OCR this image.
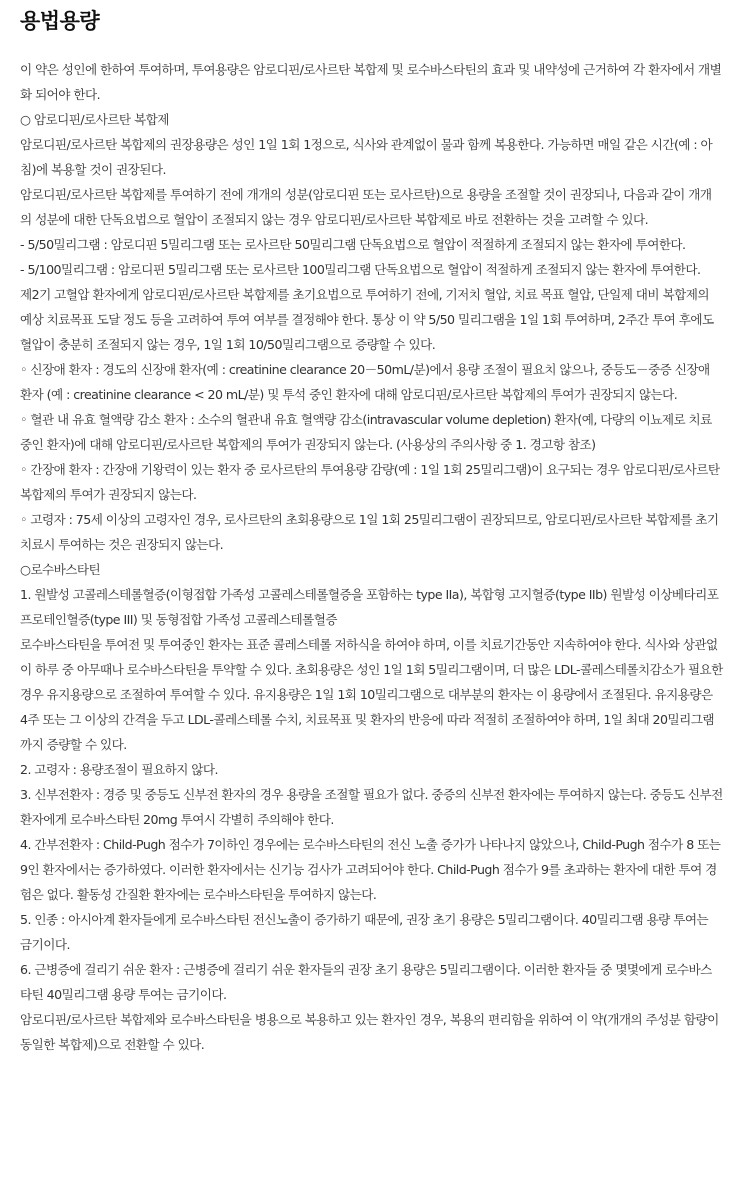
용법용량

이 약은 성인에 한하여 투여하며, 투여용량은 암로디핀/로사르탄 복합제 및 로수바스타틴의 효과 및 내약성에 근거하여 각 환자에서 개별화 되어야 한다.

○ 암로디핀/로사르탄 복합제

암로디핀/로사르탄 복합제의 권장용량은 성인 1일 1회 1정으로, 식사와 관계없이 물과 함께 복용한다. 가능하면 매일 같은 시간(예 : 아침)에 복용할 것이 권장된다.

암로디핀/로사르탄 복합제를 투여하기 전에 개개의 성분(암로디핀 또는 로사르탄)으로 용량을 조절할 것이 권장되나, 다음과 같이 개개의 성분에 대한 단독요법으로 혈압이 조절되지 않는 경우 암로디핀/로사르탄 복합제로 바로 전환하는 것을 고려할 수 있다.

- 5/50밀리그램 : 암로디핀 5밀리그램 또는 로사르탄 50밀리그램 단독요법으로 혈압이 적절하게 조절되지 않는 환자에 투여한다.

- 5/100밀리그램 : 암로디핀 5밀리그램 또는 로사르탄 100밀리그램 단독요법으로 혈압이 적절하게 조절되지 않는 환자에 투여한다.

제2기 고혈압 환자에게 암로디핀/로사르탄 복합제를 초기요법으로 투여하기 전에, 기저치 혈압, 치료 목표 혈압, 단일제 대비 복합제의 예상 치료목표 도달 정도 등을 고려하여 투여 여부를 결정해야 한다. 통상 이 약 5/50 밀리그램을 1일 1회 투여하며, 2주간 투여 후에도 혈압이 충분히 조절되지 않는 경우, 1일 1회 10/50밀리그램으로 증량할 수 있다.

◦ 신장애 환자 : 경도의 신장애 환자(예 : creatinine clearance 20－50mL/분)에서 용량 조절이 필요치 않으나, 중등도－중증 신장애 환자 (예 : creatinine clearance < 20 mL/분) 및 투석 중인 환자에 대해 암로디핀/로사르탄 복합제의 투여가 권장되지 않는다.

◦ 혈관 내 유효 혈액량 감소 환자 : 소수의 혈관내 유효 혈액량 감소(intravascular volume depletion) 환자(예, 다량의 이뇨제로 치료중인 환자)에 대해 암로디핀/로사르탄 복합제의 투여가 권장되지 않는다. (사용상의 주의사항 중 1. 경고항 참조)

◦ 간장애 환자 : 간장애 기왕력이 있는 환자 중 로사르탄의 투여용량 감량(예 : 1일 1회 25밀리그램)이 요구되는 경우 암로디핀/로사르탄 복합제의 투여가 권장되지 않는다.

◦ 고령자 : 75세 이상의 고령자인 경우, 로사르탄의 초회용량으로 1일 1회 25밀리그램이 권장되므로, 암로디핀/로사르탄 복합제를 초기 치료시 투여하는 것은 권장되지 않는다.

○로수바스타틴

1. 원발성 고콜레스테롤혈증(이형접합 가족성 고콜레스테롤혈증을 포함하는 type IIa), 복합형 고지혈증(type IIb) 원발성 이상베타리포프로테인혈증(type III) 및 동형접합 가족성 고콜레스테롤혈증

로수바스타틴을 투여전 및 투여중인 환자는 표준 콜레스테롤 저하식을 하여야 하며, 이를 치료기간동안 지속하여야 한다. 식사와 상관없이 하루 중 아무때나 로수바스타틴을 투약할 수 있다. 초회용량은 성인 1일 1회 5밀리그램이며, 더 많은 LDL-콜레스테롤치감소가 필요한 경우 유지용량으로 조절하여 투여할 수 있다. 유지용량은 1일 1회 10밀리그램으로 대부분의 환자는 이 용량에서 조절된다. 유지용량은 4주 또는 그 이상의 간격을 두고 LDL-콜레스테롤 수치, 치료목표 및 환자의 반응에 따라 적절히 조절하여야 하며, 1일 최대 20밀리그램까지 증량할 수 있다.

2. 고령자 : 용량조절이 필요하지 않다.

3. 신부전환자 : 경증 및 중등도 신부전 환자의 경우 용량을 조절할 필요가 없다. 중증의 신부전 환자에는 투여하지 않는다. 중등도 신부전 환자에게 로수바스타틴 20mg 투여시 각별히 주의해야 한다.

4. 간부전환자 : Child-Pugh 점수가 7이하인 경우에는 로수바스타틴의 전신 노출 증가가 나타나지 않았으나, Child-Pugh 점수가 8 또는 9인 환자에서는 증가하였다. 이러한 환자에서는 신기능 검사가 고려되어야 한다. Child-Pugh 점수가 9를 초과하는 환자에 대한 투여 경험은 없다. 활동성 간질환 환자에는 로수바스타틴을 투여하지 않는다.

5. 인종 : 아시아계 환자들에게 로수바스타틴 전신노출이 증가하기 때문에, 권장 초기 용량은 5밀리그램이다. 40밀리그램 용량 투여는 금기이다.

6. 근병증에 걸리기 쉬운 환자 : 근병증에 걸리기 쉬운 환자들의 권장 초기 용량은 5밀리그램이다. 이러한 환자들 중 몇몇에게 로수바스타틴 40밀리그램 용량 투여는 금기이다.

암로디핀/로사르탄 복합제와 로수바스타틴을 병용으로 복용하고 있는 환자인 경우, 복용의 편리함을 위하여 이 약(개개의 주성분 함량이 동일한 복합제)으로 전환할 수 있다.
